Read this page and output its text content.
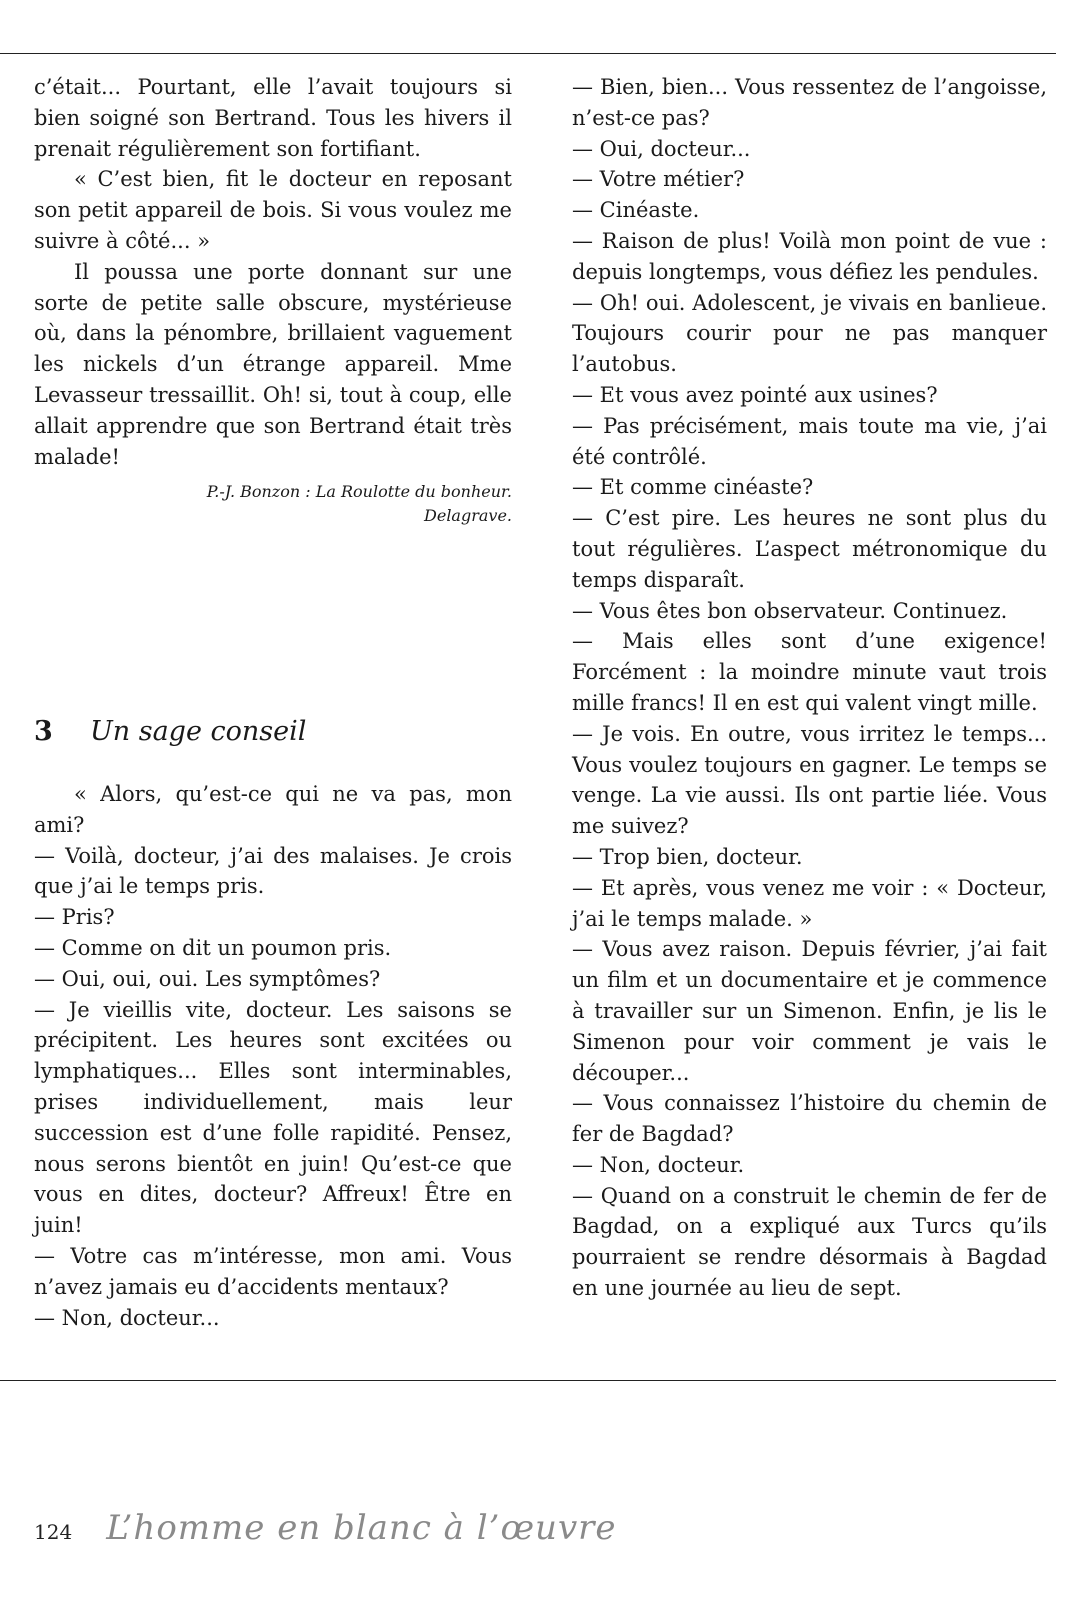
c’était... Pourtant, elle l’avait toujours si bien soigné son Bertrand. Tous les hivers il prenait régulièrement son fortifiant.

« C’est bien, fit le docteur en reposant son petit appareil de bois. Si vous voulez me suivre à côté... »

Il poussa une porte donnant sur une sorte de petite salle obscure, mystérieuse où, dans la pénombre, brillaient vaguement les nickels d’un étrange appareil. Mme Levasseur tressaillit. Oh! si, tout à coup, elle allait apprendre que son Bertrand était très malade!

P.-J. Bonzon : La Roulotte du bonheur.
Delagrave.

3 Un sage conseil

« Alors, qu’est-ce qui ne va pas, mon ami?

— Voilà, docteur, j’ai des malaises. Je crois que j’ai le temps pris.

— Pris?

— Comme on dit un poumon pris.

— Oui, oui, oui. Les symptômes?

— Je vieillis vite, docteur. Les saisons se précipitent. Les heures sont excitées ou lymphatiques... Elles sont interminables, prises individuellement, mais leur succession est d’une folle rapidité. Pensez, nous serons bientôt en juin! Qu’est-ce que vous en dites, docteur? Affreux! Être en juin!

— Votre cas m’intéresse, mon ami. Vous n’avez jamais eu d’accidents mentaux?

— Non, docteur...

— Bien, bien... Vous ressentez de l’angoisse, n’est-ce pas?

— Oui, docteur...

— Votre métier?

— Cinéaste.

— Raison de plus! Voilà mon point de vue : depuis longtemps, vous défiez les pendules.

— Oh! oui. Adolescent, je vivais en banlieue. Toujours courir pour ne pas manquer l’autobus.

— Et vous avez pointé aux usines?

— Pas précisément, mais toute ma vie, j’ai été contrôlé.

— Et comme cinéaste?

— C’est pire. Les heures ne sont plus du tout régulières. L’aspect métronomique du temps disparaît.

— Vous êtes bon observateur. Continuez.

— Mais elles sont d’une exigence! Forcément : la moindre minute vaut trois mille francs! Il en est qui valent vingt mille.

— Je vois. En outre, vous irritez le temps... Vous voulez toujours en gagner. Le temps se venge. La vie aussi. Ils ont partie liée. Vous me suivez?

— Trop bien, docteur.

— Et après, vous venez me voir : « Docteur, j’ai le temps malade. »

— Vous avez raison. Depuis février, j’ai fait un film et un documentaire et je commence à travailler sur un Simenon. Enfin, je lis le Simenon pour voir comment je vais le découper...

— Vous connaissez l’histoire du chemin de fer de Bagdad?

— Non, docteur.

— Quand on a construit le chemin de fer de Bagdad, on a expliqué aux Turcs qu’ils pourraient se rendre désormais à Bagdad en une journée au lieu de sept.

124 L’homme en blanc à l’œuvre
